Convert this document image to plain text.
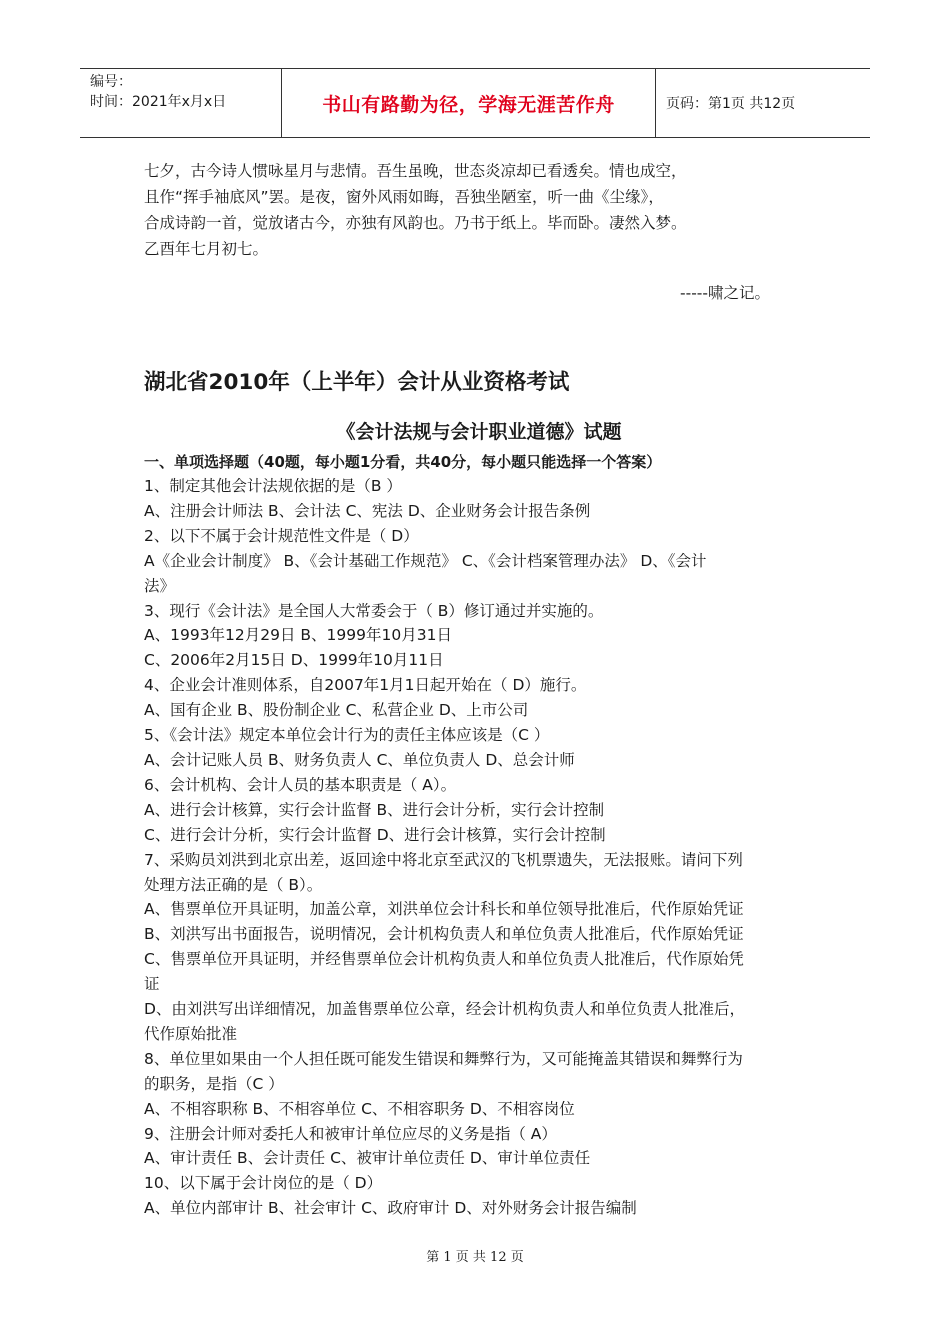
编号：
时间：2021年x月x日	书山有路勤为径，学海无涯苦作舟	页码：第1页 共12页
七夕，古今诗人惯咏星月与悲情。吾生虽晚，世态炎凉却已看透矣。情也成空，
且作“挥手袖底风”罢。是夜，窗外风雨如晦，吾独坐陋室，听一曲《尘缘》，
合成诗韵一首，觉放诸古今，亦独有风韵也。乃书于纸上。毕而卧。凄然入梦。
乙酉年七月初七。
-----啸之记。
湖北省2010年（上半年）会计从业资格考试
《会计法规与会计职业道德》试题
一、单项选择题（40题，每小题1分看，共40分，每小题只能选择一个答案）
1、制定其他会计法规依据的是（B ）
A、注册会计师法 B、会计法 C、宪法 D、企业财务会计报告条例
2、以下不属于会计规范性文件是（ D）
A《企业会计制度》 B、《会计基础工作规范》 C、《会计档案管理办法》 D、《会计
法》
3、现行《会计法》是全国人大常委会于（ B）修订通过并实施的。
A、1993年12月29日 B、1999年10月31日
C、2006年2月15日 D、1999年10月11日
4、企业会计准则体系，自2007年1月1日起开始在（ D）施行。
A、国有企业 B、股份制企业 C、私营企业 D、上市公司
5、《会计法》规定本单位会计行为的责任主体应该是（C ）
A、会计记账人员 B、财务负责人 C、单位负责人 D、总会计师
6、会计机构、会计人员的基本职责是（ A）。
A、进行会计核算，实行会计监督 B、进行会计分析，实行会计控制
C、进行会计分析，实行会计监督 D、进行会计核算，实行会计控制
7、采购员刘洪到北京出差，返回途中将北京至武汉的飞机票遗失，无法报账。请问下列
处理方法正确的是（ B）。
A、售票单位开具证明，加盖公章，刘洪单位会计科长和单位领导批准后，代作原始凭证
B、刘洪写出书面报告，说明情况，会计机构负责人和单位负责人批准后，代作原始凭证
C、售票单位开具证明，并经售票单位会计机构负责人和单位负责人批准后，代作原始凭
证
D、由刘洪写出详细情况，加盖售票单位公章，经会计机构负责人和单位负责人批准后，
代作原始批准
8、单位里如果由一个人担任既可能发生错误和舞弊行为，又可能掩盖其错误和舞弊行为
的职务，是指（C ）
A、不相容职称 B、不相容单位 C、不相容职务 D、不相容岗位
9、注册会计师对委托人和被审计单位应尽的义务是指（ A）
A、审计责任 B、会计责任 C、被审计单位责任 D、审计单位责任
10、以下属于会计岗位的是（ D）
A、单位内部审计 B、社会审计 C、政府审计 D、对外财务会计报告编制
第 1 页 共 12 页
